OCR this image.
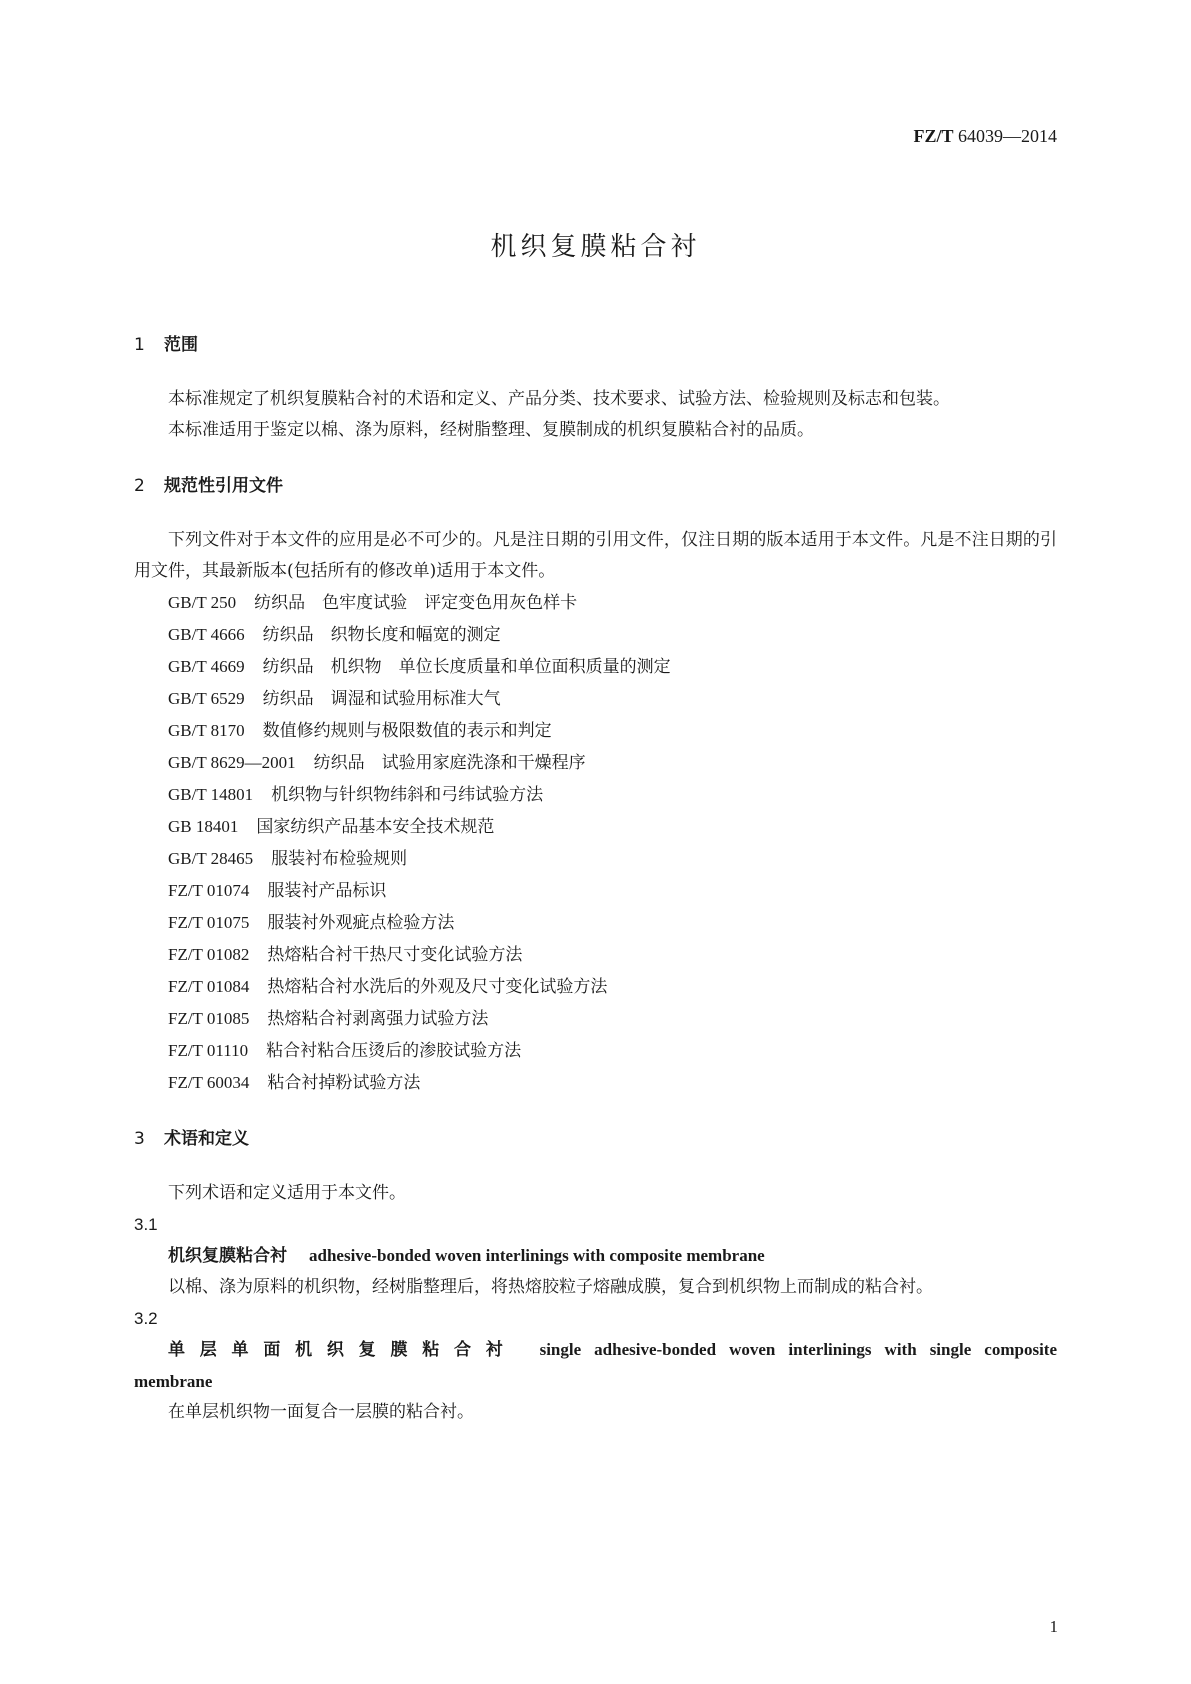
FZ/T 64039—2014
机织复膜粘合衬
1 范围

本标准规定了机织复膜粘合衬的术语和定义、产品分类、技术要求、试验方法、检验规则及标志和包装。

本标准适用于鉴定以棉、涤为原料，经树脂整理、复膜制成的机织复膜粘合衬的品质。

2 规范性引用文件

下列文件对于本文件的应用是必不可少的。凡是注日期的引用文件，仅注日期的版本适用于本文件。凡是不注日期的引用文件，其最新版本(包括所有的修改单)适用于本文件。

GB/T 250 纺织品　色牢度试验　评定变色用灰色样卡
GB/T 4666 纺织品　织物长度和幅宽的测定
GB/T 4669 纺织品　机织物　单位长度质量和单位面积质量的测定
GB/T 6529 纺织品　调湿和试验用标准大气
GB/T 8170 数值修约规则与极限数值的表示和判定
GB/T 8629—2001 纺织品　试验用家庭洗涤和干燥程序
GB/T 14801 机织物与针织物纬斜和弓纬试验方法
GB 18401 国家纺织产品基本安全技术规范
GB/T 28465 服装衬布检验规则
FZ/T 01074 服装衬产品标识
FZ/T 01075 服装衬外观疵点检验方法
FZ/T 01082 热熔粘合衬干热尺寸变化试验方法
FZ/T 01084 热熔粘合衬水洗后的外观及尺寸变化试验方法
FZ/T 01085 热熔粘合衬剥离强力试验方法
FZ/T 01110 粘合衬粘合压烫后的渗胶试验方法
FZ/T 60034 粘合衬掉粉试验方法
3 术语和定义

下列术语和定义适用于本文件。

3.1
机织复膜粘合衬 adhesive-bonded woven interlinings with composite membrane

以棉、涤为原料的机织物，经树脂整理后，将热熔胶粒子熔融成膜，复合到机织物上而制成的粘合衬。

3.2
单层单面机织复膜粘合衬 single adhesive-bonded woven interlinings with single composite
membrane

在单层机织物一面复合一层膜的粘合衬。

1
